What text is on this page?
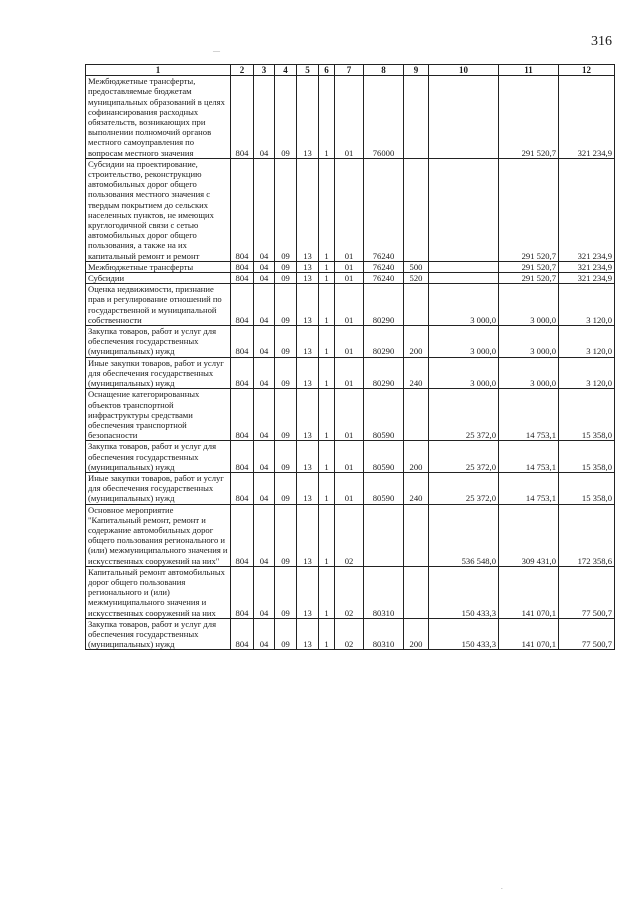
316
1	2	3	4	5	6	7	8	9	10	11	12
Межбюджетные трансферты, предоставляемые бюджетам муниципальных образований в целях софинансирования расходных обязательств, возникающих при выполнении полномочий органов местного самоуправления по вопросам местного значения	804	04	09	13	1	01	76000			291 520,7	321 234,9
Субсидии на проектирование, строительство, реконструкцию автомобильных дорог общего пользования местного значения с твердым покрытием до сельских населенных пунктов, не имеющих круглогодичной связи с сетью автомобильных дорог общего пользования, а также на их капитальный ремонт и ремонт	804	04	09	13	1	01	76240			291 520,7	321 234,9
Межбюджетные трансферты	804	04	09	13	1	01	76240	500		291 520,7	321 234,9
Субсидии	804	04	09	13	1	01	76240	520		291 520,7	321 234,9
Оценка недвижимости, признание прав и регулирование отношений по государственной и муниципальной собственности	804	04	09	13	1	01	80290		3 000,0	3 000,0	3 120,0
Закупка товаров, работ и услуг для обеспечения государственных (муниципальных) нужд	804	04	09	13	1	01	80290	200	3 000,0	3 000,0	3 120,0
Иные закупки товаров, работ и услуг для обеспечения государственных (муниципальных) нужд	804	04	09	13	1	01	80290	240	3 000,0	3 000,0	3 120,0
Оснащение категорированных объектов транспортной инфраструктуры средствами обеспечения транспортной безопасности	804	04	09	13	1	01	80590		25 372,0	14 753,1	15 358,0
Закупка товаров, работ и услуг для обеспечения государственных (муниципальных) нужд	804	04	09	13	1	01	80590	200	25 372,0	14 753,1	15 358,0
Иные закупки товаров, работ и услуг для обеспечения государственных (муниципальных) нужд	804	04	09	13	1	01	80590	240	25 372,0	14 753,1	15 358,0
Основное мероприятие "Капитальный ремонт, ремонт и содержание автомобильных дорог общего пользования регионального и (или) межмуниципального значения и искусственных сооружений на них"	804	04	09	13	1	02			536 548,0	309 431,0	172 358,6
Капитальный ремонт автомобильных дорог общего пользования регионального и (или) межмуниципального значения и искусственных сооружений на них	804	04	09	13	1	02	80310		150 433,3	141 070,1	77 500,7
Закупка товаров, работ и услуг для обеспечения государственных (муниципальных) нужд	804	04	09	13	1	02	80310	200	150 433,3	141 070,1	77 500,7
—
.
